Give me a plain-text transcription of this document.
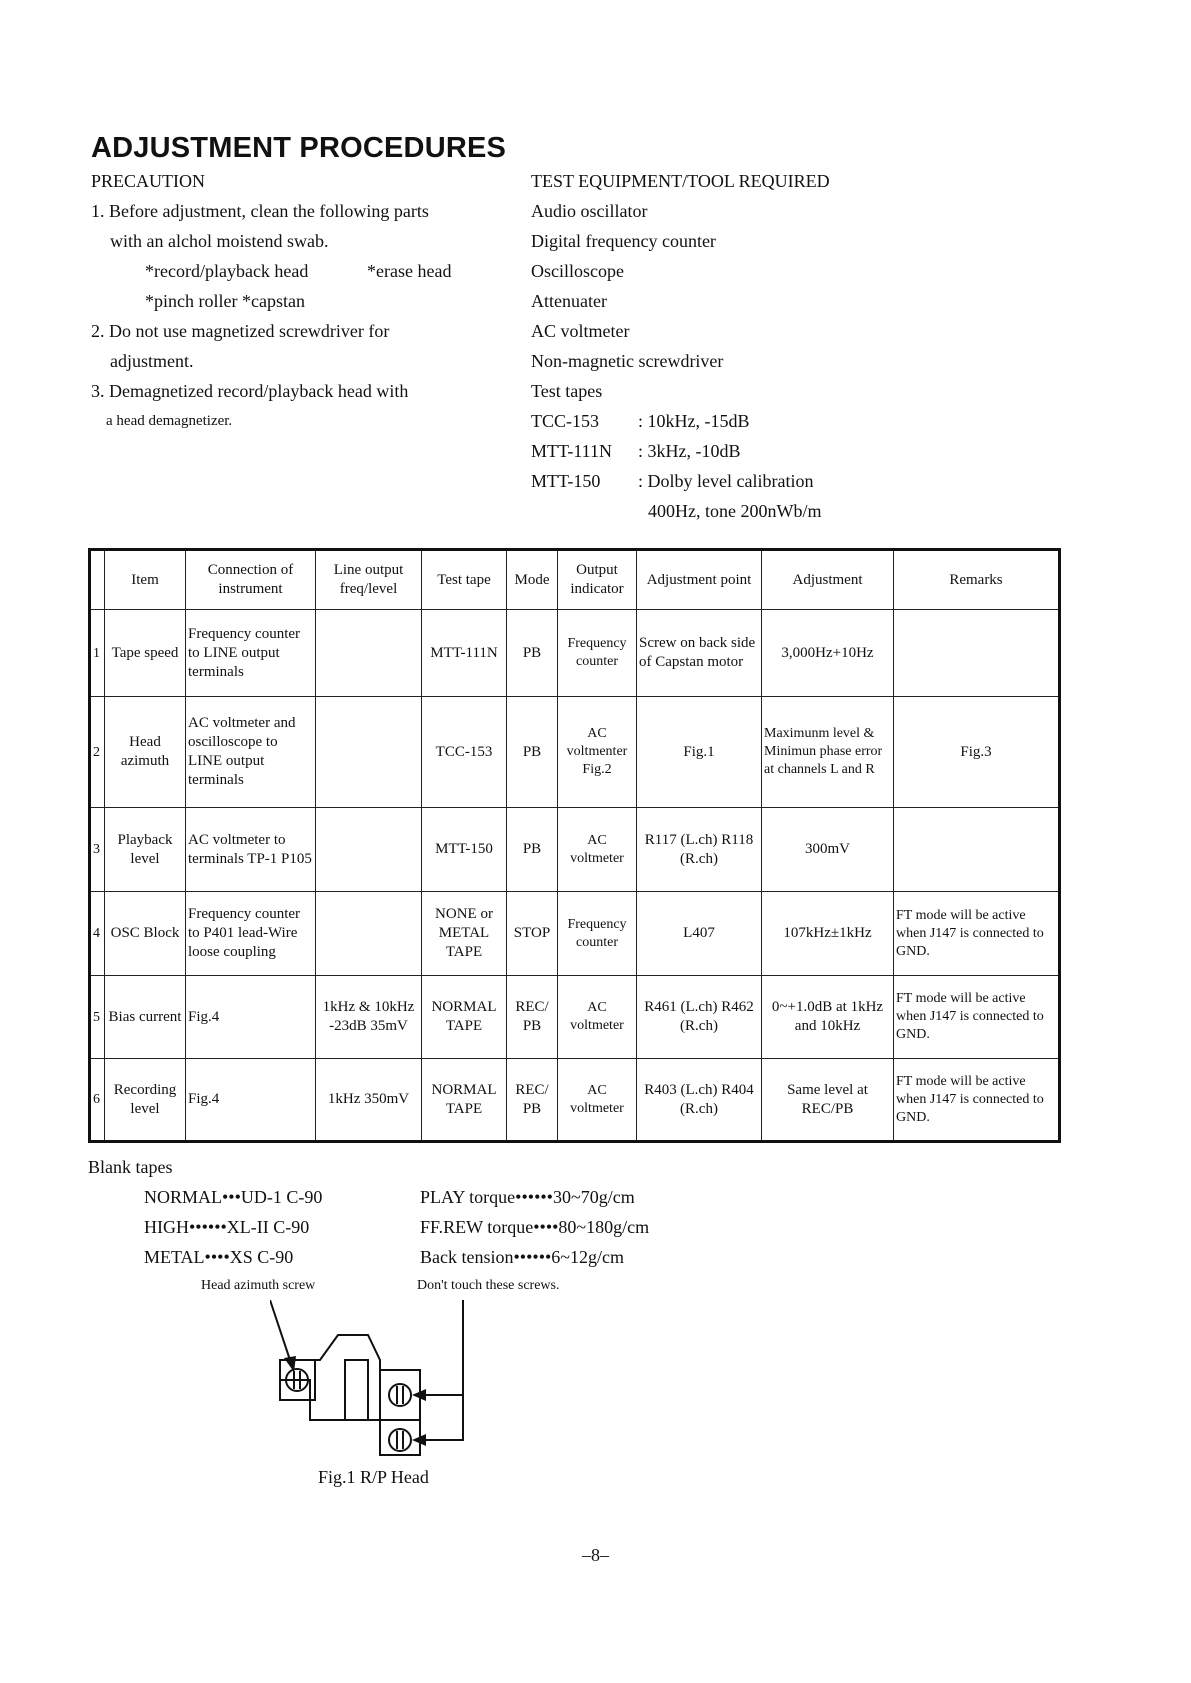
ADJUSTMENT PROCEDURES
PRECAUTION
1. Before adjustment, clean the following parts
with an alchol moistend swab.
*record/playback head	*erase head
*pinch roller *capstan
2. Do not use magnetized screwdriver for
adjustment.
3. Demagnetized record/playback head with
a head demagnetizer.
TEST EQUIPMENT/TOOL REQUIRED
Audio oscillator
Digital frequency counter
Oscilloscope
Attenuater
AC voltmeter
Non-magnetic screwdriver
Test tapes
TCC-153 : 10kHz, -15dB
MTT-111N : 3kHz, -10dB
MTT-150 : Dolby level calibration
400Hz, tone 200nWb/m
	Item	Connection of instrument	Line output freq/level	Test tape	Mode	Output indicator	Adjustment point	Adjustment	Remarks
1	Tape speed	Frequency counter to LINE output terminals		MTT-111N	PB	Frequency counter	Screw on back side of Capstan motor	3,000Hz+10Hz	
2	Head azimuth	AC voltmeter and oscilloscope to LINE output terminals		TCC-153	PB	AC voltmenter Fig.2	Fig.1	Maximunm level & Minimun phase error at channels L and R	Fig.3
3	Playback level	AC voltmeter to terminals TP-1 P105		MTT-150	PB	AC voltmeter	R117 (L.ch) R118 (R.ch)	300mV	
4	OSC Block	Frequency counter to P401 lead-Wire loose coupling		NONE or METAL TAPE	STOP	Frequency counter	L407	107kHz±1kHz	FT mode will be active when J147 is connected to GND.
5	Bias current	Fig.4	1kHz & 10kHz -23dB 35mV	NORMAL TAPE	REC/ PB	AC voltmeter	R461 (L.ch) R462 (R.ch)	0~+1.0dB at 1kHz and 10kHz	FT mode will be active when J147 is connected to GND.
6	Recording level	Fig.4	1kHz 350mV	NORMAL TAPE	REC/ PB	AC voltmeter	R403 (L.ch) R404 (R.ch)	Same level at REC/PB	FT mode will be active when J147 is connected to GND.
Blank tapes
NORMAL•••UD-1 C-90
HIGH••••••XL-II C-90
METAL••••XS C-90
PLAY torque••••••30~70g/cm
FF.REW torque••••80~180g/cm
Back tension••••••6~12g/cm
Head azimuth screw	Don't touch these screws.
Fig.1 R/P Head
–8–
